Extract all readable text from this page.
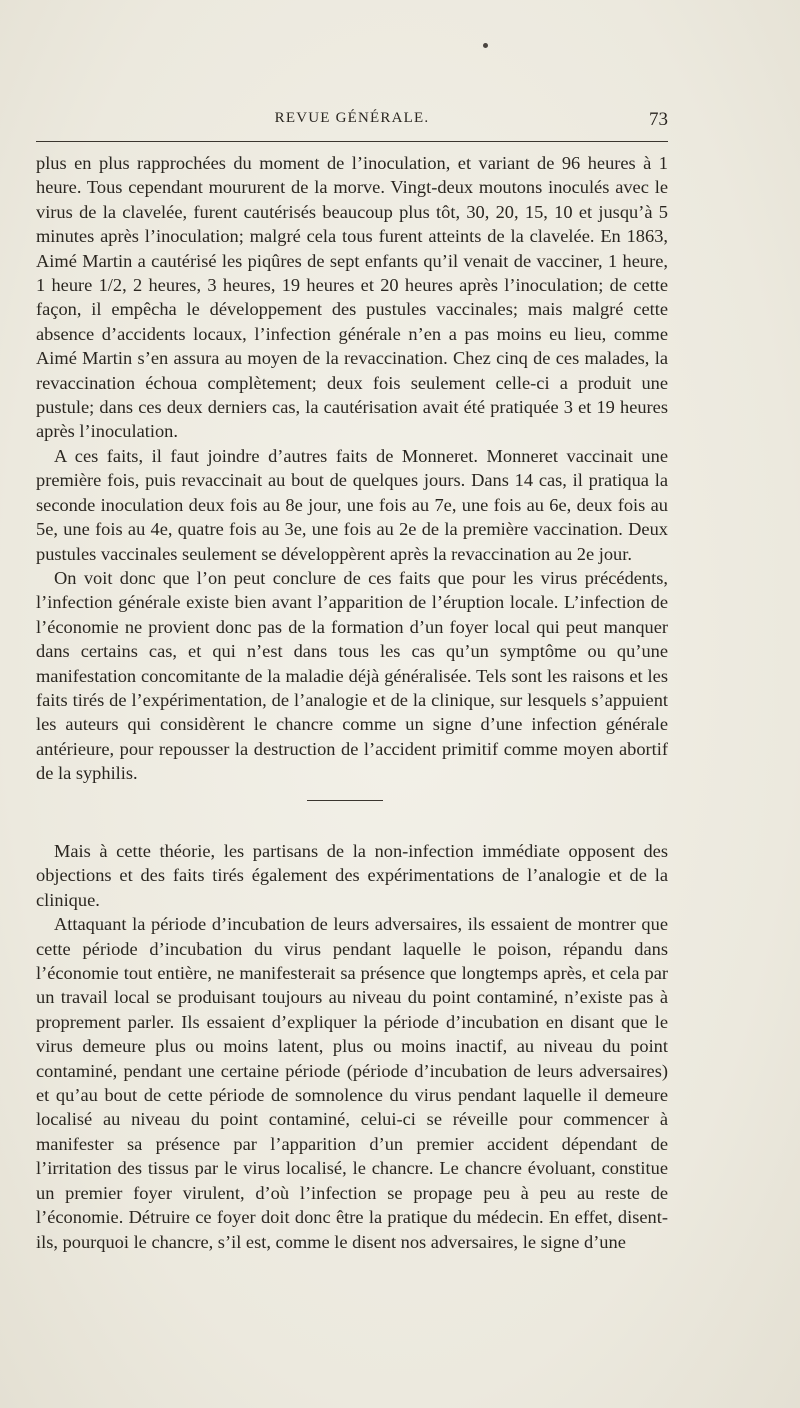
REVUE GÉNÉRALE.	73

plus en plus rapprochées du moment de l’inoculation, et variant de 96 heures à 1 heure. Tous cependant moururent de la morve. Vingt-deux moutons inoculés avec le virus de la clavelée, furent cautérisés beaucoup plus tôt, 30, 20, 15, 10 et jusqu’à 5 minutes après l’inoculation; malgré cela tous furent atteints de la clavelée. En 1863, Aimé Martin a cautérisé les piqûres de sept enfants qu’il venait de vacciner, 1 heure, 1 heure 1/2, 2 heures, 3 heures, 19 heures et 20 heures après l’inoculation; de cette façon, il empêcha le développement des pustules vaccinales; mais malgré cette absence d’accidents locaux, l’infection générale n’en a pas moins eu lieu, comme Aimé Martin s’en assura au moyen de la revaccination. Chez cinq de ces malades, la revaccination échoua complètement; deux fois seulement celle-ci a produit une pustule; dans ces deux derniers cas, la cautérisation avait été pratiquée 3 et 19 heures après l’inoculation.

A ces faits, il faut joindre d’autres faits de Monneret. Monneret vaccinait une première fois, puis revaccinait au bout de quelques jours. Dans 14 cas, il pratiqua la seconde inoculation deux fois au 8e jour, une fois au 7e, une fois au 6e, deux fois au 5e, une fois au 4e, quatre fois au 3e, une fois au 2e de la première vaccination. Deux pustules vaccinales seulement se développèrent après la revaccination au 2e jour.

On voit donc que l’on peut conclure de ces faits que pour les virus précédents, l’infection générale existe bien avant l’apparition de l’éruption locale. L’infection de l’économie ne provient donc pas de la formation d’un foyer local qui peut manquer dans certains cas, et qui n’est dans tous les cas qu’un symptôme ou qu’une manifestation concomitante de la maladie déjà généralisée. Tels sont les raisons et les faits tirés de l’expérimentation, de l’analogie et de la clinique, sur lesquels s’appuient les auteurs qui considèrent le chancre comme un signe d’une infection générale antérieure, pour repousser la destruction de l’accident primitif comme moyen abortif de la syphilis.

Mais à cette théorie, les partisans de la non-infection immédiate opposent des objections et des faits tirés également des expérimentations de l’analogie et de la clinique.

Attaquant la période d’incubation de leurs adversaires, ils essaient de montrer que cette période d’incubation du virus pendant laquelle le poison, répandu dans l’économie tout entière, ne manifesterait sa présence que longtemps après, et cela par un travail local se produisant toujours au niveau du point contaminé, n’existe pas à proprement parler. Ils essaient d’expliquer la période d’incubation en disant que le virus demeure plus ou moins latent, plus ou moins inactif, au niveau du point contaminé, pendant une certaine période (période d’incubation de leurs adversaires) et qu’au bout de cette période de somnolence du virus pendant laquelle il demeure localisé au niveau du point contaminé, celui-ci se réveille pour commencer à manifester sa présence par l’apparition d’un premier accident dépendant de l’irritation des tissus par le virus localisé, le chancre. Le chancre évoluant, constitue un premier foyer virulent, d’où l’infection se propage peu à peu au reste de l’économie. Détruire ce foyer doit donc être la pratique du médecin. En effet, disent-ils, pourquoi le chancre, s’il est, comme le disent nos adversaires, le signe d’une
